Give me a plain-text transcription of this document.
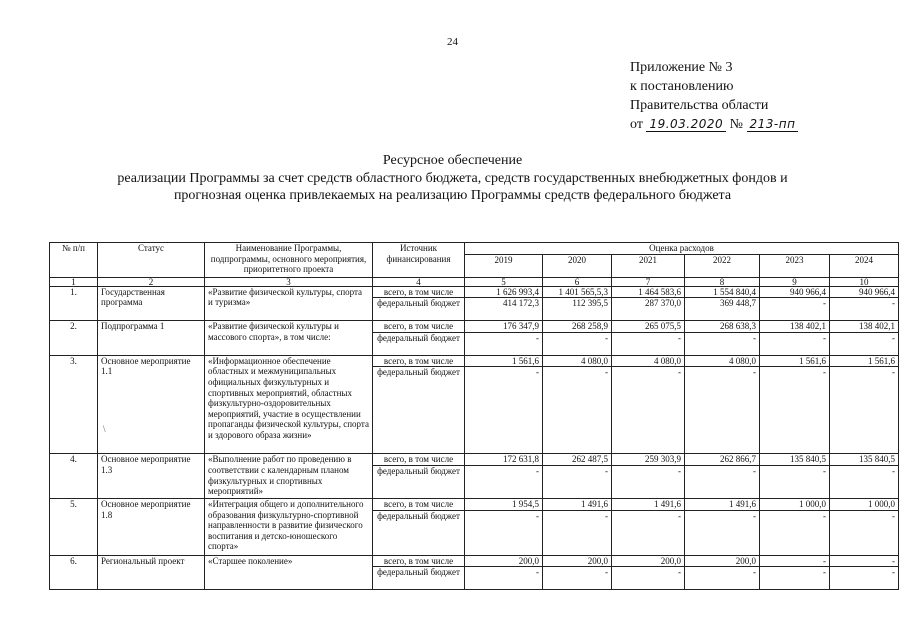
24
Приложение № 3
к постановлению
Правительства области
от 19.03.2020 № 213-пп
Ресурсное обеспечение
реализации Программы за счет средств областного бюджета, средств государственных внебюджетных фондов и
прогнозная оценка привлекаемых на реализацию Программы средств федерального бюджета
№ п/п	Статус	Наименование Программы, подпрограммы, основного мероприятия, приоритетного проекта	Источник финансирования	Оценка расходов					
				2019	2020	2021	2022	2023	2024
1	2	3	4	5	6	7	8	9	10
1.	Государственная программа	«Развитие физической культуры, спорта и туризма»	всего, в том числе	1 626 993,4	1 401 565,5,3	1 464 583,6	1 554 840,4	940 966,4	940 966,4
			федеральный бюджет	414 172,3	112 395,5	287 370,0	369 448,7	-	-
2.	Подпрограмма 1	«Развитие физической культуры и массового спорта», в том числе:	всего, в том числе	176 347,9	268 258,9	265 075,5	268 638,3	138 402,1	138 402,1
			федеральный бюджет	-	-	-	-	-	-
3.	Основное мероприятие 1.1	«Информационное обеспечение областных и межмуниципальных официальных физкультурных и спортивных мероприятий, областных физкультурно-оздоровительных мероприятий, участие в осуществлении пропаганды физической культуры, спорта и здорового образа жизни»	всего, в том числе	1 561,6	4 080,0	4 080,0	4 080,0	1 561,6	1 561,6
			федеральный бюджет	-	-	-	-	-	-
4.	Основное мероприятие 1.3	«Выполнение работ по проведению в соответствии с календарным планом физкультурных и спортивных мероприятий»	всего, в том числе	172 631,8	262 487,5	259 303,9	262 866,7	135 840,5	135 840,5
			федеральный бюджет	-	-	-	-	-	-
5.	Основное мероприятие 1.8	«Интеграция общего и дополнительного образования физкультурно-спортивной направленности в развитие физического воспитания и детско-юношеского спорта»	всего, в том числе	1 954,5	1 491,6	1 491,6	1 491,6	1 000,0	1 000,0
			федеральный бюджет	-	-	-	-	-	-
6.	Региональный проект	«Старшее поколение»	всего, в том числе	200,0	200,0	200,0	200,0	-	-
			федеральный бюджет	-	-	-	-	-	-
\
